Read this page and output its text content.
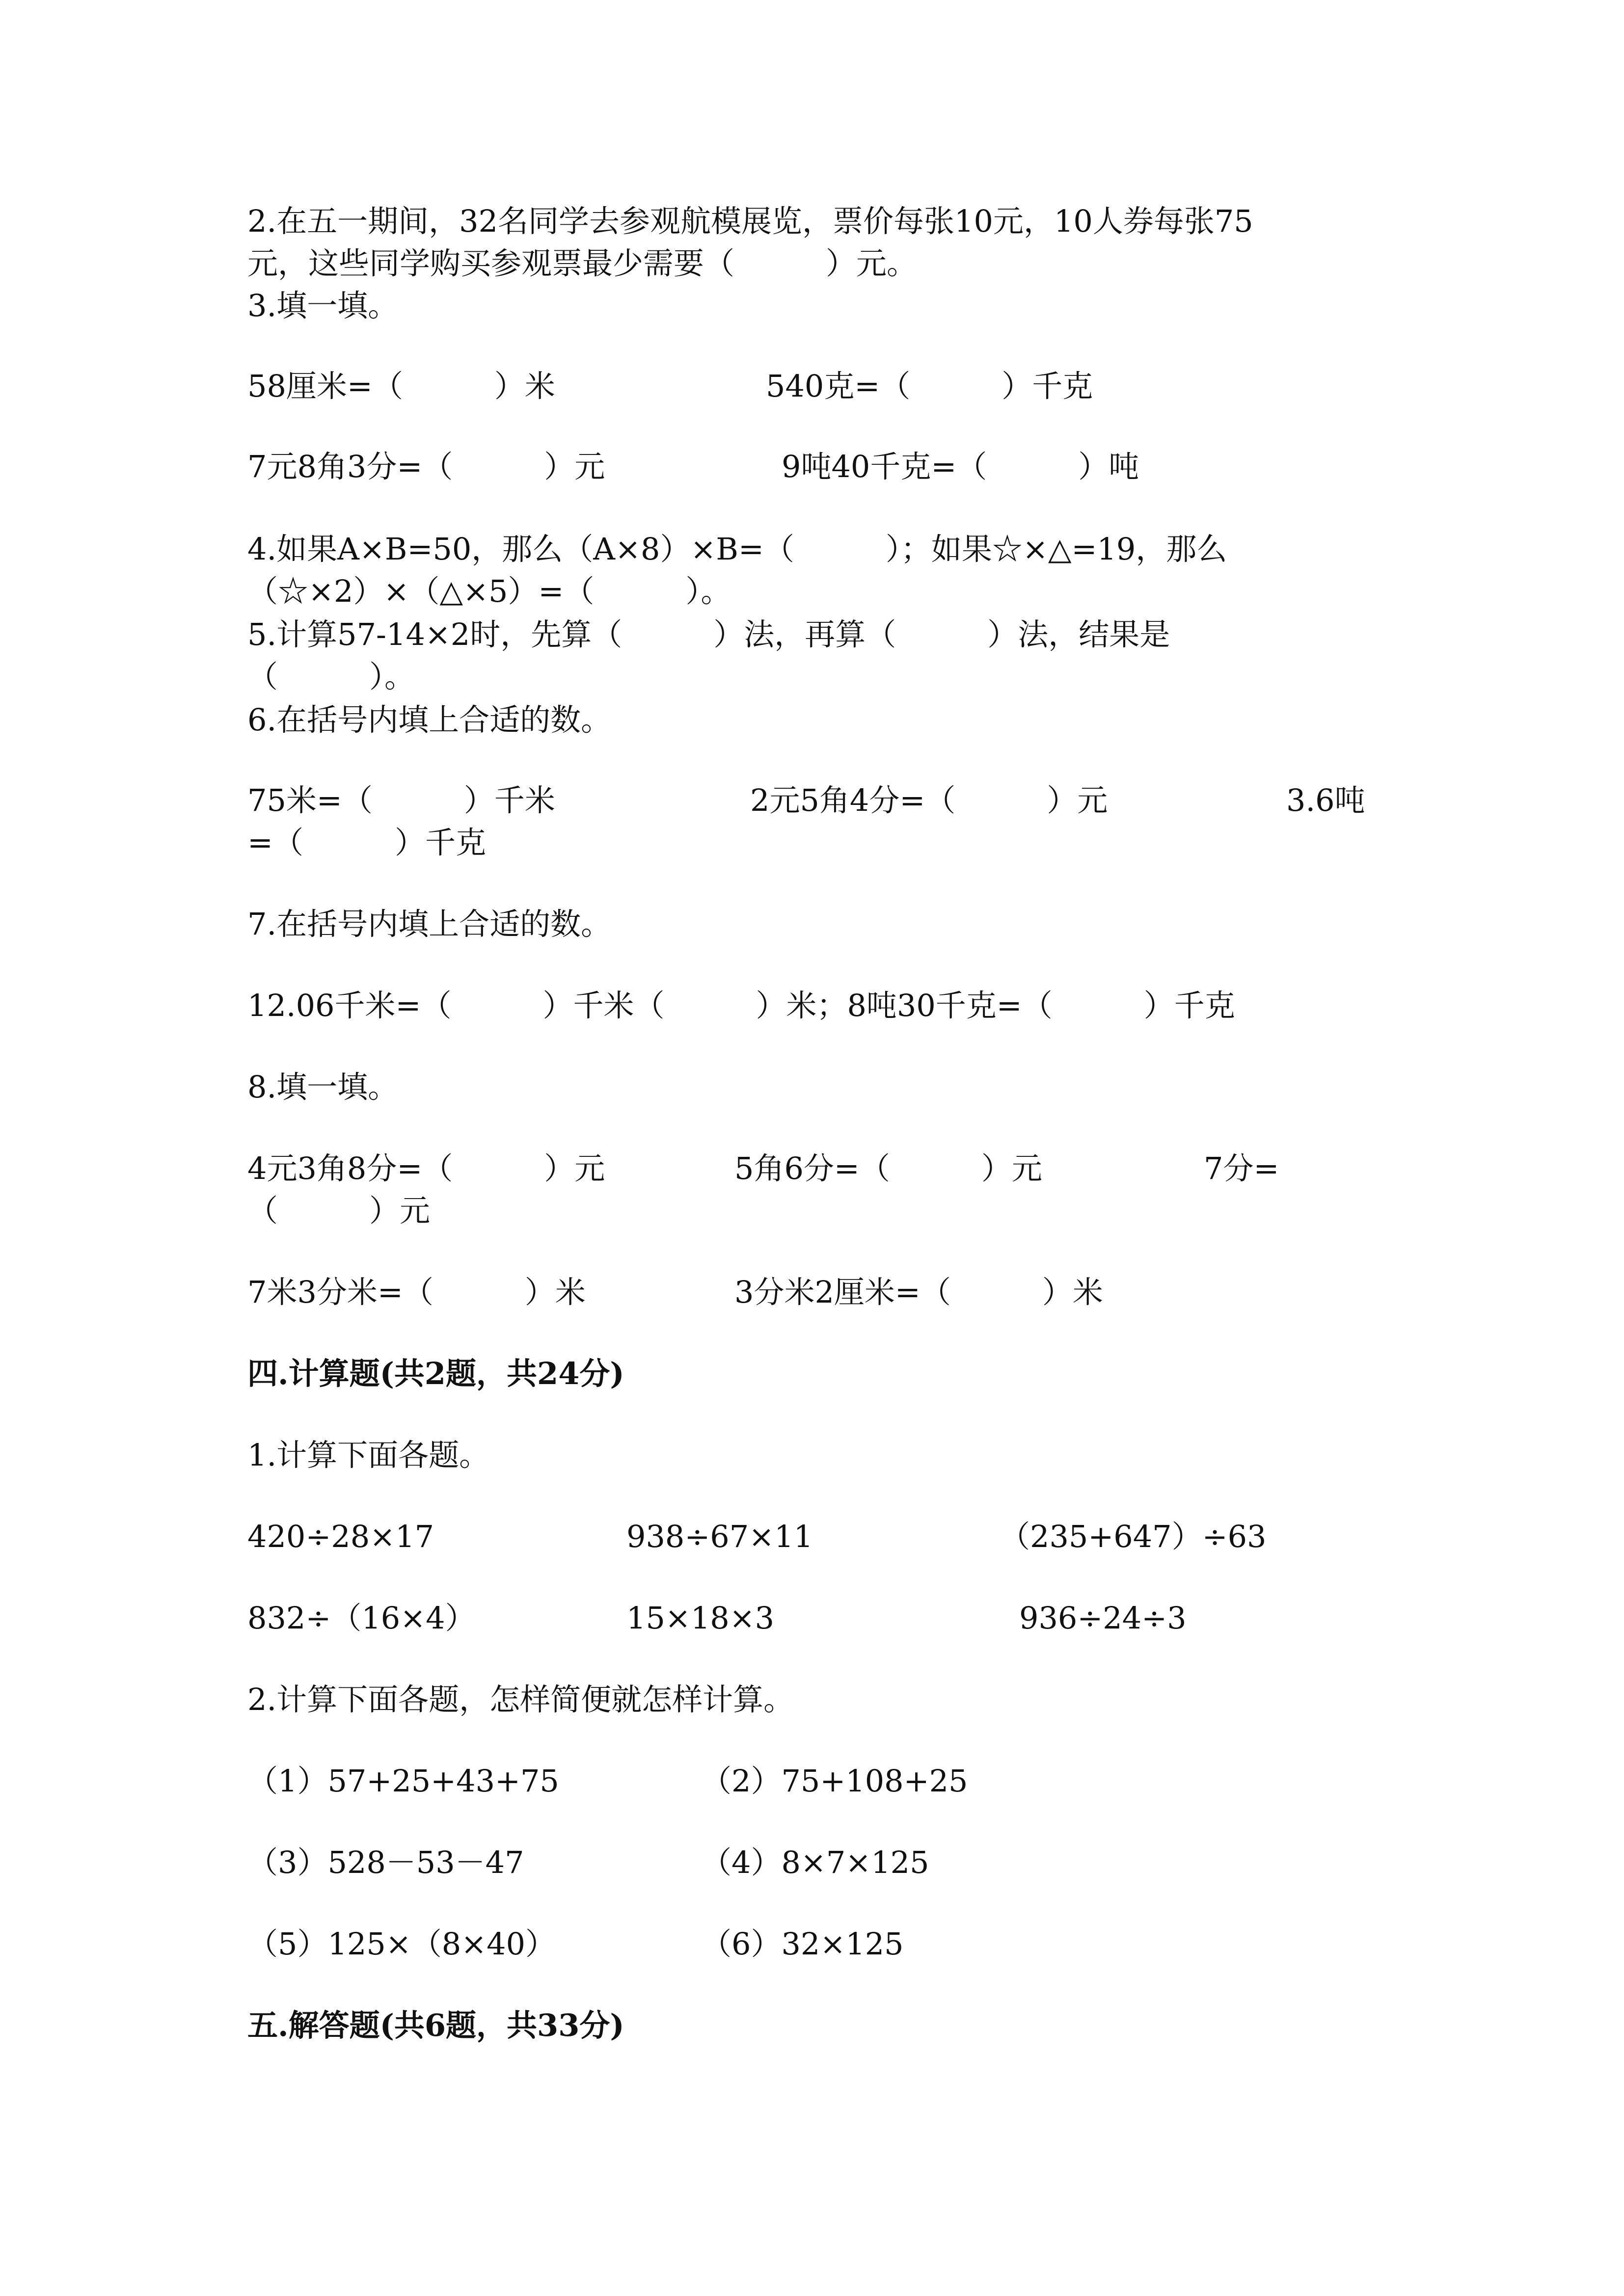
2.在五一期间，32名同学去参观航模展览，票价每张10元，10人券每张75
元，这些同学购买参观票最少需要（　　　）元。
3.填一填。
58厘米=（　　　）米	540克=（　　　）千克
7元8角3分=（　　　）元	9吨40千克=（　　　）吨
4.如果A×B=50，那么（A×8）×B=（　　　）；如果☆×△=19，那么
（☆×2）×（△×5）=（　　　）。
5.计算57-14×2时，先算（　　　）法，再算（　　　）法，结果是
（　　　）。
6.在括号内填上合适的数。
75米=（　　　）千米	2元5角4分=（　　　）元	3.6吨
=（　　　）千克
7.在括号内填上合适的数。
12.06千米=（　　　）千米（　　　）米；8吨30千克=（　　　）千克
8.填一填。
4元3角8分=（　　　）元	5角6分=（　　　）元	7分=
（　　　）元
7米3分米=（　　　）米	3分米2厘米=（　　　）米
四.计算题(共2题，共24分)
1.计算下面各题。
420÷28×17	938÷67×11	（235+647）÷63
832÷（16×4）	15×18×3	936÷24÷3
2.计算下面各题，怎样简便就怎样计算。
（1）57+25+43+75	（2）75+108+25
（3）528－53－47	（4）8×7×125
（5）125×（8×40）	（6）32×125
五.解答题(共6题，共33分)
